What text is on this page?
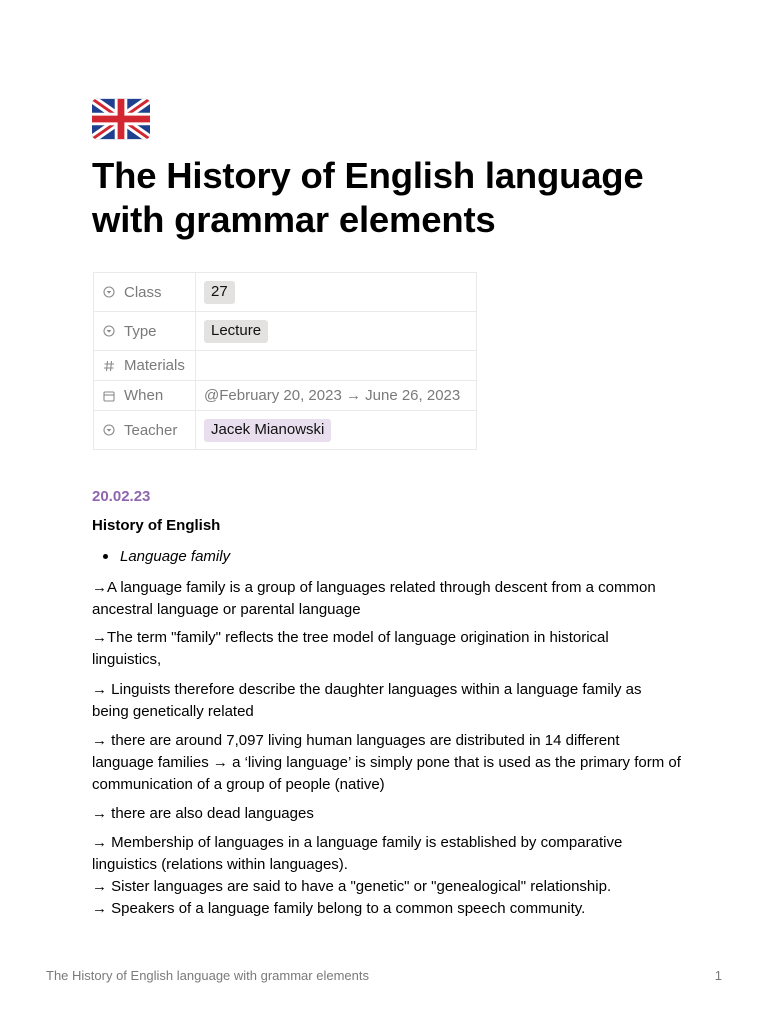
The History of English language with grammar elements
Class	27

Type	Lecture

Materials	

When	@February 20, 2023 → June 26, 2023

Teacher	Jacek Mianowski
20.02.23
History of English
Language family

→A language family is a group of languages related through descent from a common ancestral language or parental language

→The term "family" reflects the tree model of language origination in historical linguistics,

→ Linguists therefore describe the daughter languages within a language family as being genetically related

→ there are around 7,097 living human languages are distributed in 14 different language families → a ‘living language’ is simply pone that is used as the primary form of communication of a group of people (native)

→ there are also dead languages

→ Membership of languages in a language family is established by comparative linguistics (relations within languages).

→ Sister languages are said to have a "genetic" or "genealogical" relationship.

→ Speakers of a language family belong to a common speech community.

The History of English language with grammar elements	1
